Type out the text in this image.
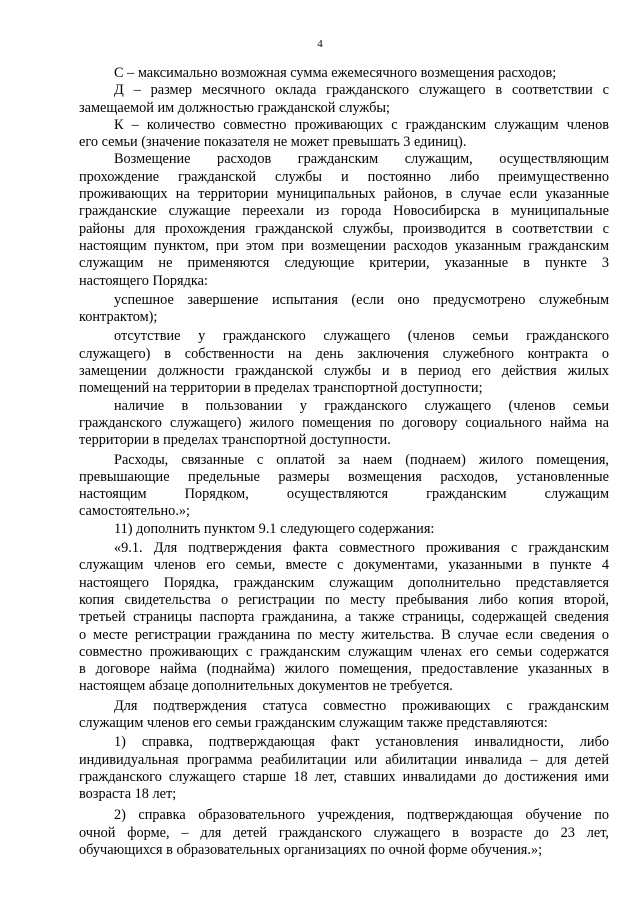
4
С – максимально возможная сумма ежемесячного возмещения расходов;
Д – размер месячного оклада гражданского служащего в соответствии с
замещаемой им должностью гражданской службы;
К – количество совместно проживающих с гражданским служащим членов
его семьи (значение показателя не может превышать 3 единиц).
Возмещение расходов гражданским служащим, осуществляющим
прохождение гражданской службы и постоянно либо преимущественно
проживающих на территории муниципальных районов, в случае если указанные
гражданские служащие переехали из города Новосибирска в муниципальные
районы для прохождения гражданской службы, производится в соответствии с
настоящим пунктом, при этом при возмещении расходов указанным гражданским
служащим не применяются следующие критерии, указанные в пункте 3
настоящего Порядка:
успешное завершение испытания (если оно предусмотрено служебным
контрактом);
отсутствие у гражданского служащего (членов семьи гражданского
служащего) в собственности на день заключения служебного контракта о
замещении должности гражданской службы и в период его действия жилых
помещений на территории в пределах транспортной доступности;
наличие в пользовании у гражданского служащего (членов семьи
гражданского служащего) жилого помещения по договору социального найма на
территории в пределах транспортной доступности.
Расходы, связанные с оплатой за наем (поднаем) жилого помещения,
превышающие предельные размеры возмещения расходов, установленные
настоящим Порядком, осуществляются гражданским служащим
самостоятельно.»;
11) дополнить пунктом 9.1 следующего содержания:
«9.1. Для подтверждения факта совместного проживания с гражданским
служащим членов его семьи, вместе с документами, указанными в пункте 4
настоящего Порядка, гражданским служащим дополнительно представляется
копия свидетельства о регистрации по месту пребывания либо копия второй,
третьей страницы паспорта гражданина, а также страницы, содержащей сведения
о месте регистрации гражданина по месту жительства. В случае если сведения о
совместно проживающих с гражданским служащим членах его семьи содержатся
в договоре найма (поднайма) жилого помещения, предоставление указанных в
настоящем абзаце дополнительных документов не требуется.
Для подтверждения статуса совместно проживающих с гражданским
служащим членов его семьи гражданским служащим также представляются:
1) справка, подтверждающая факт установления инвалидности, либо
индивидуальная программа реабилитации или абилитации инвалида – для детей
гражданского служащего старше 18 лет, ставших инвалидами до достижения ими
возраста 18 лет;
2) справка образовательного учреждения, подтверждающая обучение по
очной форме, – для детей гражданского служащего в возрасте до 23 лет,
обучающихся в образовательных организациях по очной форме обучения.»;
